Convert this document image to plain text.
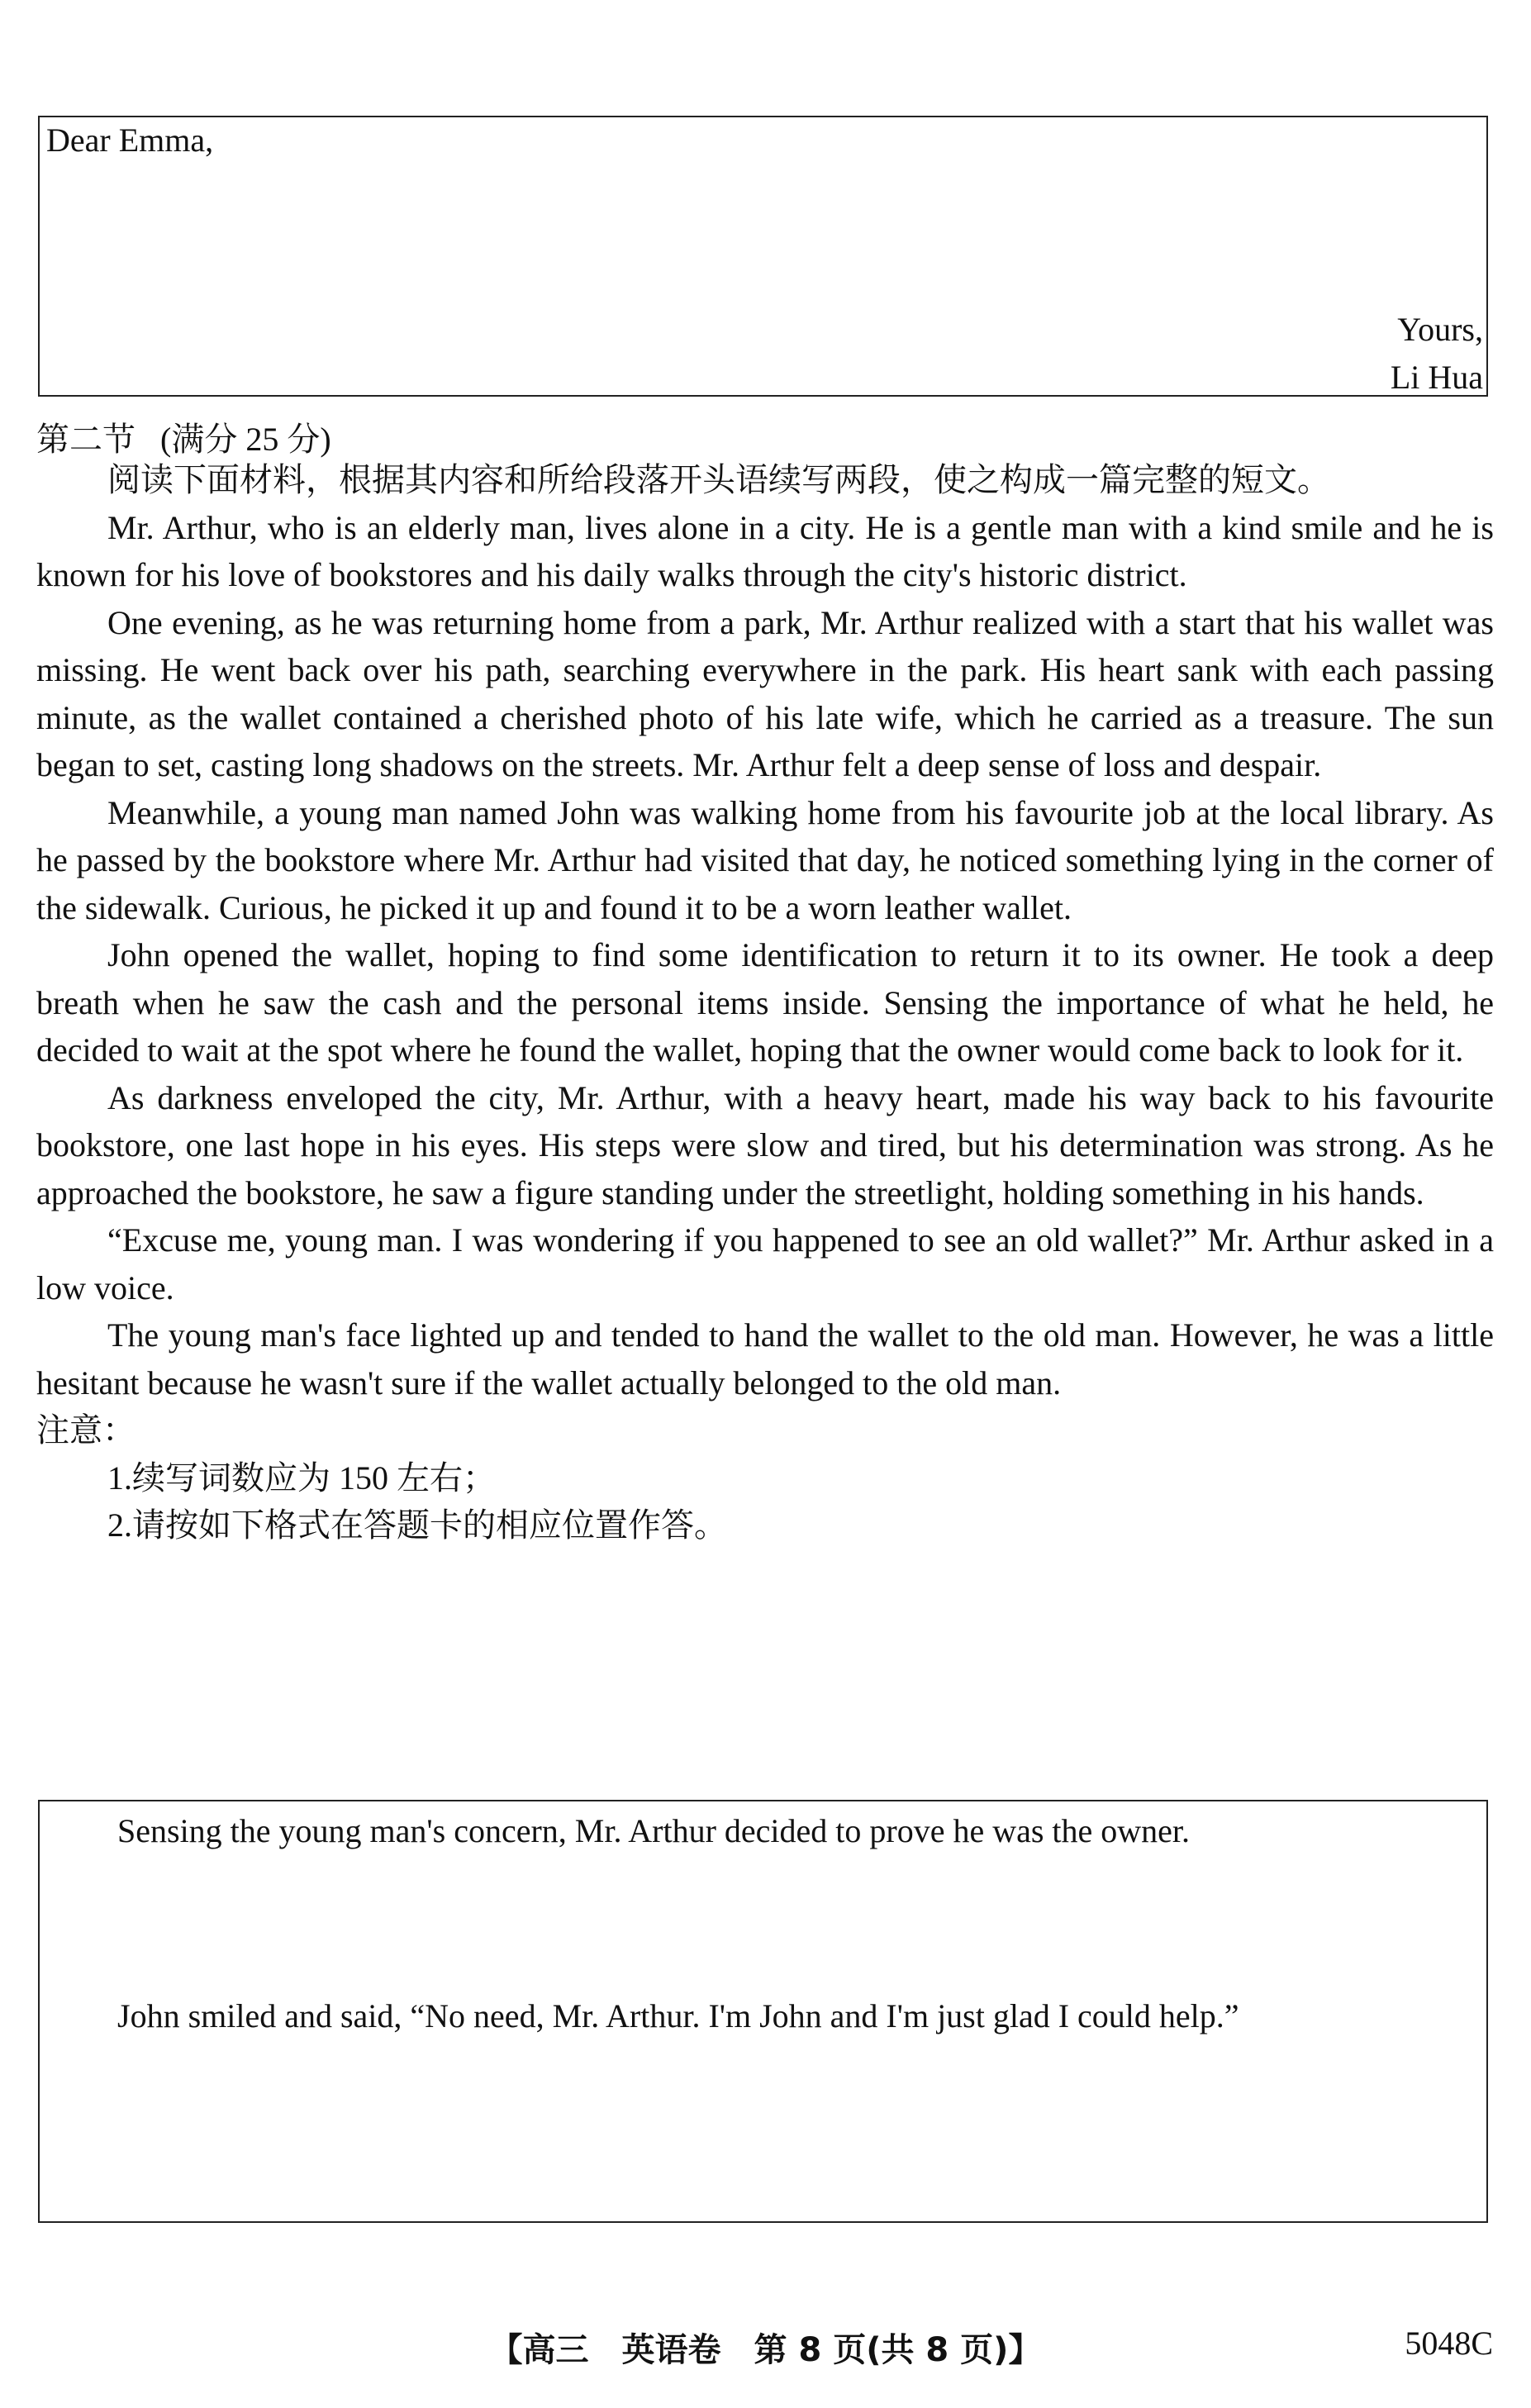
Dear Emma,
Yours,
Li Hua
第二节 (满分 25 分)

阅读下面材料，根据其内容和所给段落开头语续写两段，使之构成一篇完整的短文。

Mr. Arthur, who is an elderly man, lives alone in a city. He is a gentle man with a kind smile and he is known for his love of bookstores and his daily walks through the city's historic district.

One evening, as he was returning home from a park, Mr. Arthur realized with a start that his wallet was missing. He went back over his path, searching everywhere in the park. His heart sank with each passing minute, as the wallet contained a cherished photo of his late wife, which he carried as a treasure. The sun began to set, casting long shadows on the streets. Mr. Arthur felt a deep sense of loss and despair.

Meanwhile, a young man named John was walking home from his favourite job at the local library. As he passed by the bookstore where Mr. Arthur had visited that day, he noticed something lying in the corner of the sidewalk. Curious, he picked it up and found it to be a worn leather wallet.

John opened the wallet, hoping to find some identification to return it to its owner. He took a deep breath when he saw the cash and the personal items inside. Sensing the importance of what he held, he decided to wait at the spot where he found the wallet, hoping that the owner would come back to look for it.

As darkness enveloped the city, Mr. Arthur, with a heavy heart, made his way back to his favourite bookstore, one last hope in his eyes. His steps were slow and tired, but his determination was strong. As he approached the bookstore, he saw a figure standing under the streetlight, holding something in his hands.

“Excuse me, young man. I was wondering if you happened to see an old wallet?” Mr. Arthur asked in a low voice.

The young man's face lighted up and tended to hand the wallet to the old man. However, he was a little hesitant because he wasn't sure if the wallet actually belonged to the old man.

注意：

1.续写词数应为 150 左右；

2.请按如下格式在答题卡的相应位置作答。

Sensing the young man's concern, Mr. Arthur decided to prove he was the owner.
John smiled and said, “No need, Mr. Arthur. I'm John and I'm just glad I could help.”
【高三　英语卷　第 8 页(共 8 页)】	5048C
